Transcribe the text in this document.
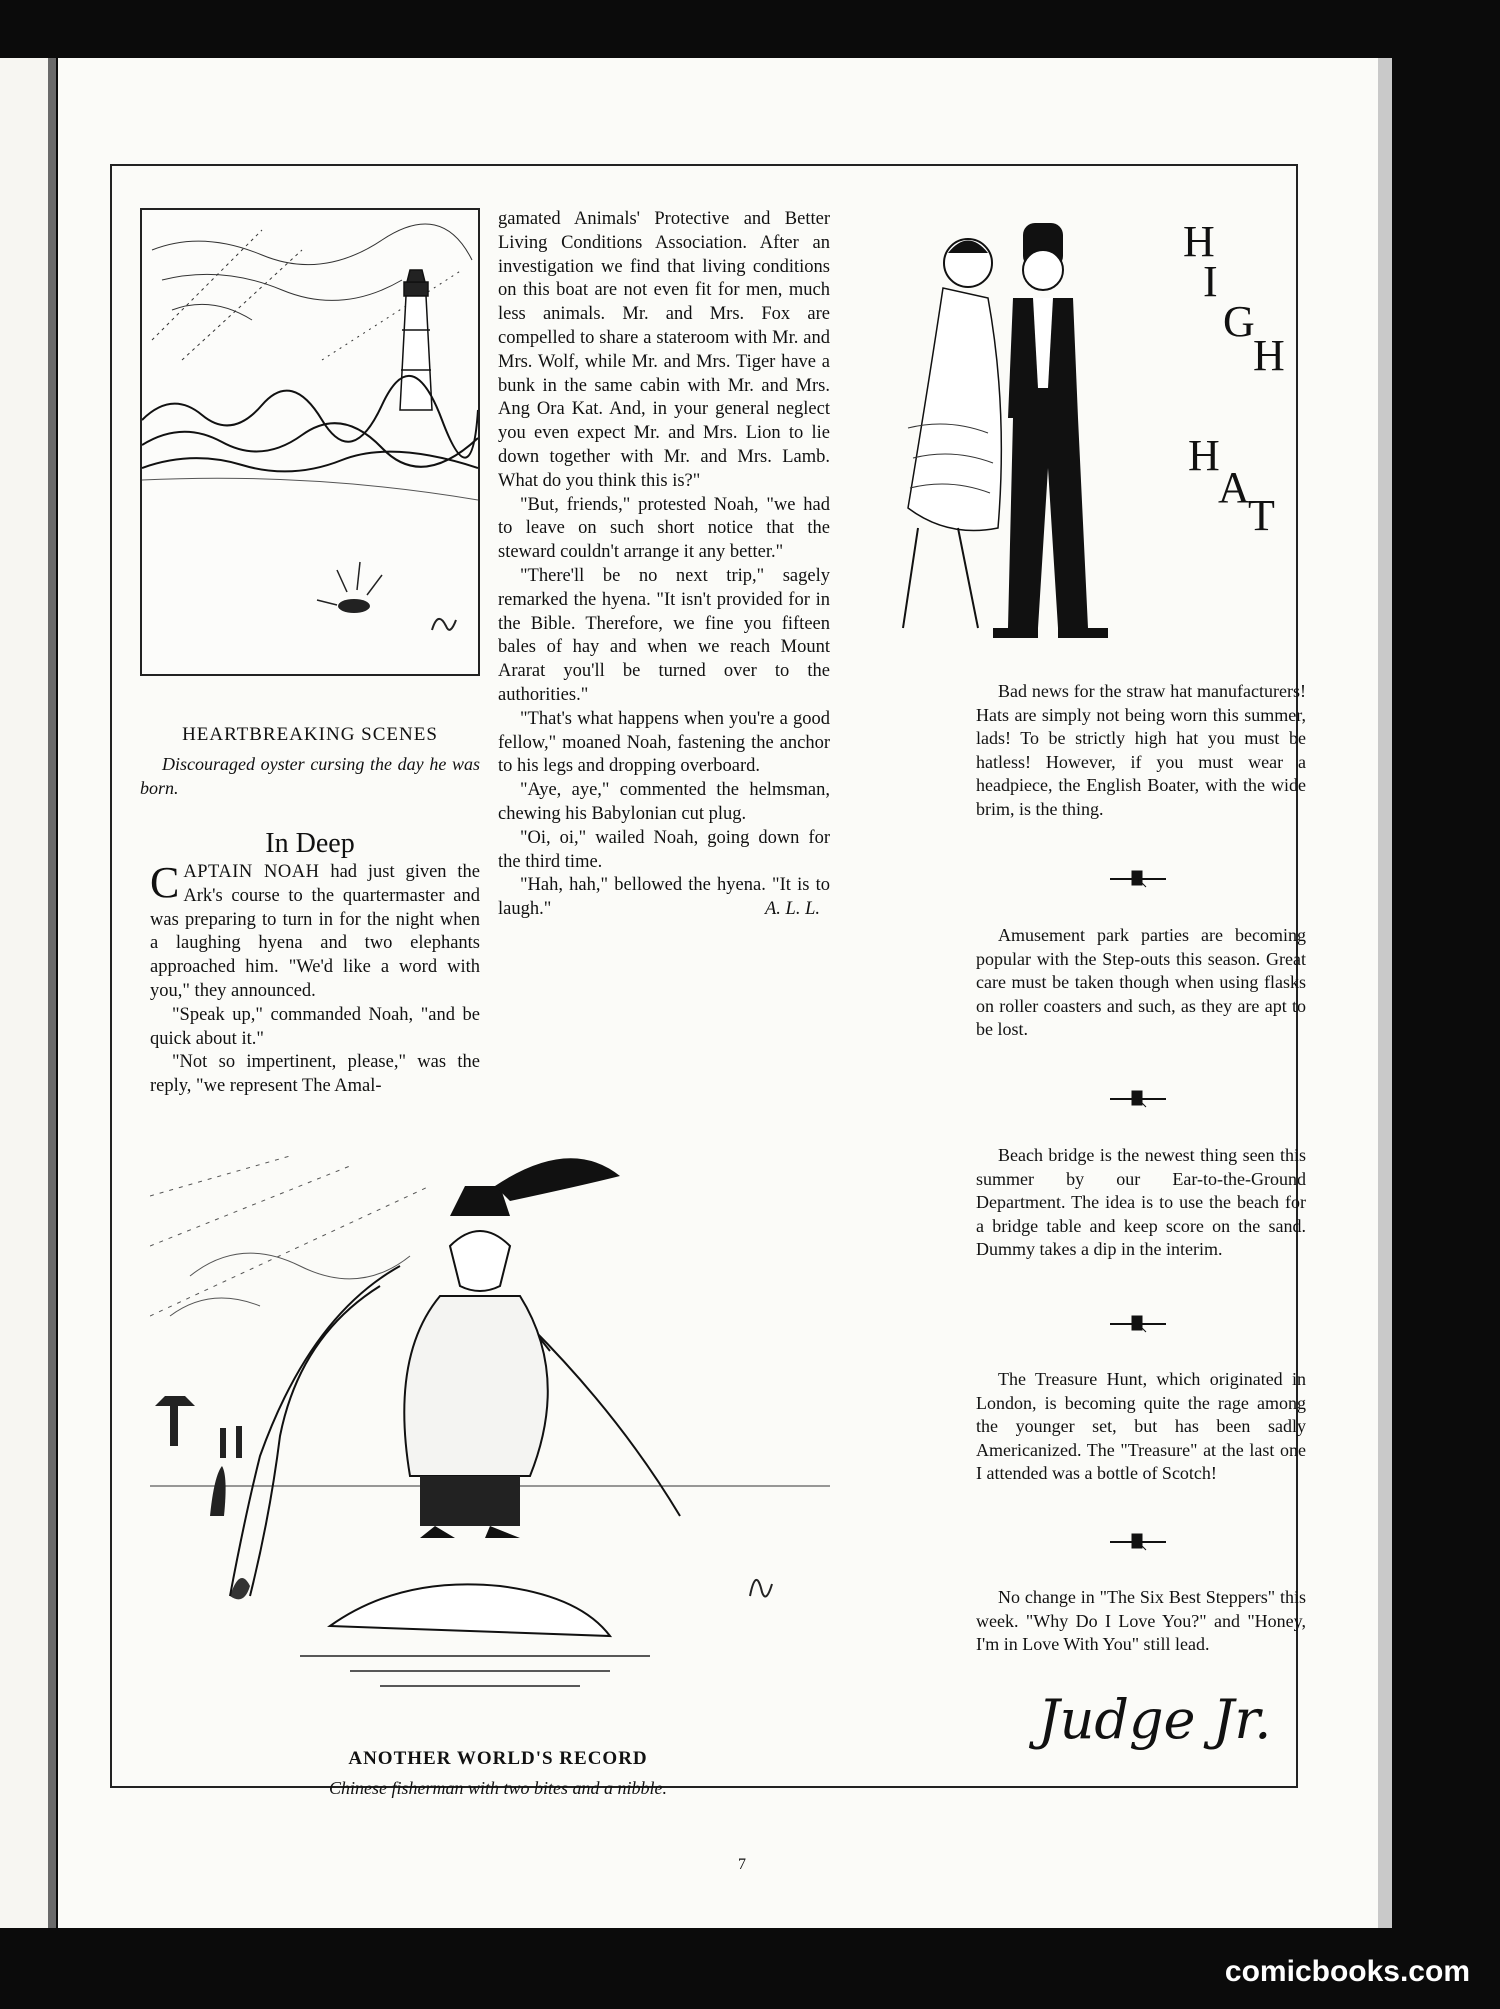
HEARTBREAKING SCENES
Discouraged oyster cursing the day he was born.
In Deep

CAPTAIN NOAH had just given the Ark's course to the quartermaster and was preparing to turn in for the night when a laughing hyena and two elephants approached him. "We'd like a word with you," they announced.

"Speak up," commanded Noah, "and be quick about it."

"Not so impertinent, please," was the reply, "we represent The Amal-

gamated Animals' Protective and Better Living Conditions Association. After an investigation we find that living conditions on this boat are not even fit for men, much less animals. Mr. and Mrs. Fox are compelled to share a stateroom with Mr. and Mrs. Wolf, while Mr. and Mrs. Tiger have a bunk in the same cabin with Mr. and Mrs. Ang Ora Kat. And, in your general neglect you even expect Mr. and Mrs. Lion to lie down together with Mr. and Mrs. Lamb. What do you think this is?"

"But, friends," protested Noah, "we had to leave on such short notice that the steward couldn't arrange it any better."

"There'll be no next trip," sagely remarked the hyena. "It isn't provided for in the Bible. Therefore, we fine you fifteen bales of hay and when we reach Mount Ararat you'll be turned over to the authorities."

"That's what happens when you're a good fellow," moaned Noah, fastening the anchor to his legs and dropping overboard.

"Aye, aye," commented the helmsman, chewing his Babylonian cut plug.

"Oi, oi," wailed Noah, going down for the third time.

"Hah, hah," bellowed the hyena. "It is to laugh."	A. L. L.

ANOTHER WORLD'S RECORD
Chinese fisherman with two bites and a nibble.
H
I
G
H
H
A
T
Bad news for the straw hat manufacturers! Hats are simply not being worn this summer, lads! To be strictly high hat you must be hatless! However, if you must wear a headpiece, the English Boater, with the wide brim, is the thing.
Amusement park parties are becoming popular with the Step-outs this season. Great care must be taken though when using flasks on roller coasters and such, as they are apt to be lost.
Beach bridge is the newest thing seen this summer by our Ear-to-the-Ground Department. The idea is to use the beach for a bridge table and keep score on the sand. Dummy takes a dip in the interim.
The Treasure Hunt, which originated in London, is becoming quite the rage among the younger set, but has been sadly Americanized. The "Treasure" at the last one I attended was a bottle of Scotch!
No change in "The Six Best Steppers" this week. "Why Do I Love You?" and "Honey, I'm in Love With You" still lead.
Judge Jr.
7
comicbooks.com
